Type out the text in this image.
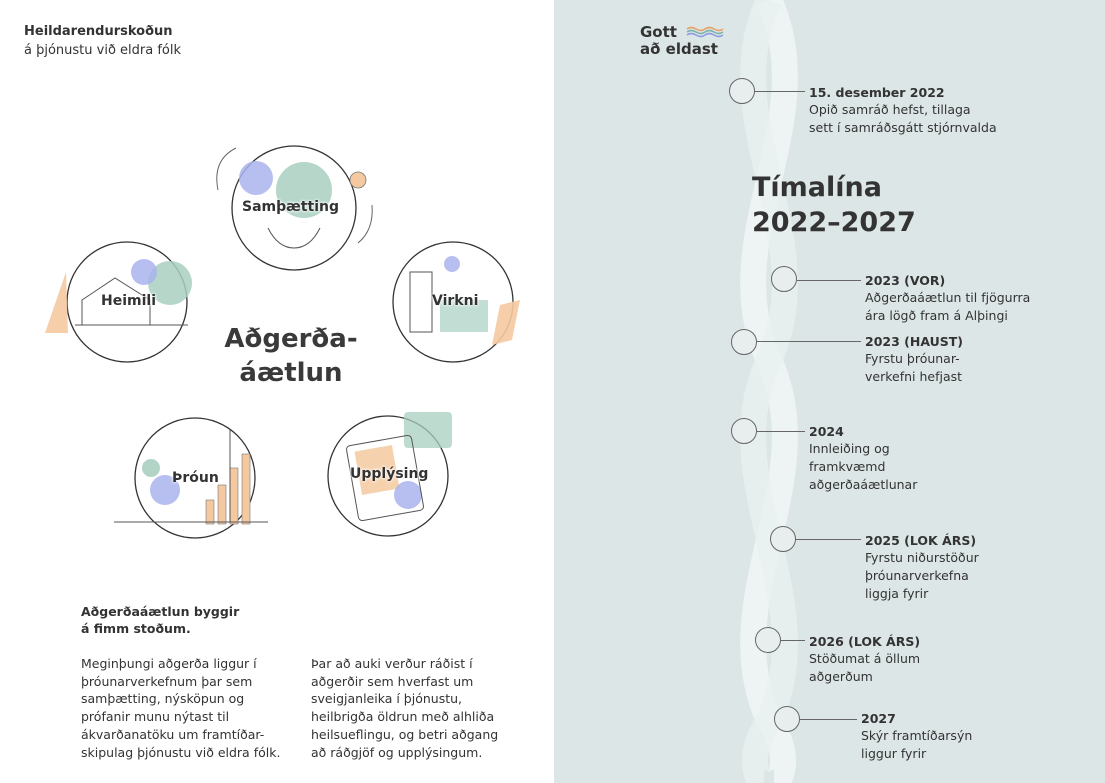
Heildarendurskoðun
á þjónustu við eldra fólk
Samþætting
Heimili	Virkni
Þróun	Upplýsing
Aðgerða-
áætlun
Aðgerðaáætlun byggir
á fimm stoðum.
Meginþungi aðgerða liggur í
þróunarverkefnum þar sem
samþætting, nýsköpun og
prófanir munu nýtast til
ákvarðanatöku um framtíðar-
skipulag þjónustu við eldra fólk.
Þar að auki verður ráðist í
aðgerðir sem hverfast um
sveigjanleika í þjónustu,
heilbrigða öldrun með alhliða
heilsueflingu, og betri aðgang
að ráðgjöf og upplýsingum.
Gott
að eldast
Tímalína
2022–2027
15. desember 2022
Opið samráð hefst, tillaga
sett í samráðsgátt stjórnvalda
2023 (VOR)
Aðgerðaáætlun til fjögurra
ára lögð fram á Alþingi
2023 (HAUST)
Fyrstu þróunar-
verkefni hefjast
2024
Innleiðing og
framkvæmd
aðgerðaáætlunar
2025 (LOK ÁRS)
Fyrstu niðurstöður
þróunarverkefna
liggja fyrir
2026 (LOK ÁRS)
Stöðumat á öllum
aðgerðum
2027
Skýr framtíðarsýn
liggur fyrir
